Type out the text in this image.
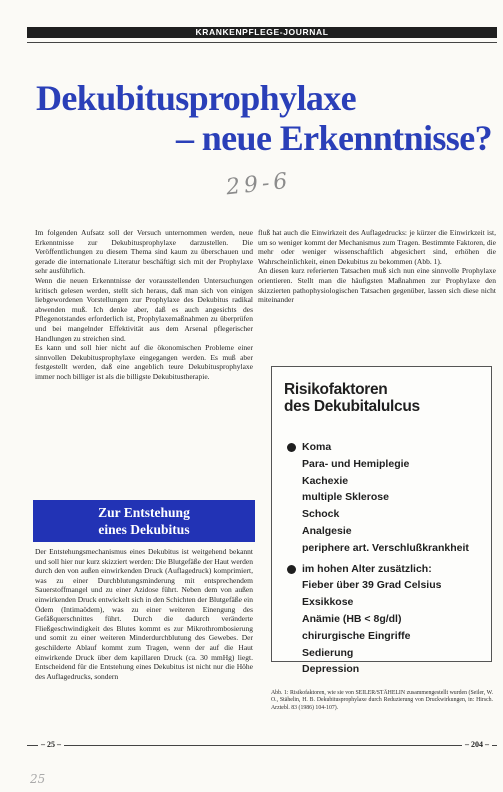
KRANKENPFLEGE-JOURNAL
Dekubitusprophylaxe
– neue Erkenntnisse?
29-6

Im folgenden Aufsatz soll der Versuch unternommen werden, neue Erkenntnisse zur Dekubitusprophylaxe darzustellen. Die Veröffentlichungen zu diesem Thema sind kaum zu überschauen und gerade die internationale Literatur beschäftigt sich mit der Prophylaxe sehr ausführlich.

Wenn die neuen Erkenntnisse der vorausstellenden Untersuchungen kritisch gelesen werden, stellt sich heraus, daß man sich von einigen liebgewordenen Vorstellungen zur Prophylaxe des Dekubitus radikal abwenden muß. Ich denke aber, daß es auch angesichts des Pflegenotstandes erforderlich ist, Prophylaxemaßnahmen zu überprüfen und bei mangelnder Effektivität aus dem Arsenal pflegerischer Handlungen zu streichen sind.

Es kann und soll hier nicht auf die ökonomischen Probleme einer sinnvollen Dekubitusprophylaxe eingegangen werden. Es muß aber festgestellt werden, daß eine angeblich teure Dekubitusprophylaxe immer noch billiger ist als die billigste Dekubitustherapie.

Zur Entstehung
eines Dekubitus

Der Entstehungsmechanismus eines Dekubitus ist weitgehend bekannt und soll hier nur kurz skizziert werden: Die Blutgefäße der Haut werden durch den von außen einwirkenden Druck (Auflagedruck) komprimiert, was zu einer Durchblutungsminderung mit entsprechendem Sauerstoffmangel und zu einer Azidose führt. Neben dem von außen einwirkenden Druck entwickelt sich in den Schichten der Blutgefäße ein Ödem (Intimaödem), was zu einer weiteren Einengung des Gefäßquerschnittes führt. Durch die dadurch veränderte Fließgeschwindigkeit des Blutes kommt es zur Mikrothrombosierung und somit zu einer weiteren Minderdurchblutung des Gewebes. Der geschilderte Ablauf kommt zum Tragen, wenn der auf die Haut einwirkende Druck über dem kapillaren Druck (ca. 30 mmHg) liegt. Entscheidend für die Entstehung eines Dekubitus ist nicht nur die Höhe des Auflagedrucks, sondern

fluß hat auch die Einwirkzeit des Auflagedrucks: je kürzer die Einwirkzeit ist, um so weniger kommt der Mechanismus zum Tragen. Bestimmte Faktoren, die mehr oder weniger wissenschaftlich abgesichert sind, erhöhen die Wahrscheinlichkeit, einen Dekubitus zu bekommen (Abb. 1).

An diesen kurz referierten Tatsachen muß sich nun eine sinnvolle Prophylaxe orientieren. Stellt man die häufigsten Maßnahmen zur Prophylaxe den skizzierten pathophysiologischen Tatsachen gegenüber, lassen sich diese nicht miteinander

Risikofaktoren
des Dekubitalulcus
Koma
Para- und Hemiplegie
Kachexie
multiple Sklerose
Schock
Analgesie
periphere art. Verschlußkrankheit
im hohen Alter zusätzlich:
Fieber über 39 Grad Celsius
Exsikkose
Anämie (HB < 8g/dl)
chirurgische Eingriffe
Sedierung
Depression
Abb. 1: Risikofaktoren, wie sie von SEILER/STÄHELIN zusammengestellt wurden (Seiler, W. O., Stähelin, H. B. Dekubitusprophylaxe durch Reduzierung von Druckwirkungen, in: Hirsch. Arztebl. 83 (1986) 104-107).
– 25 –	– 204 –
25
